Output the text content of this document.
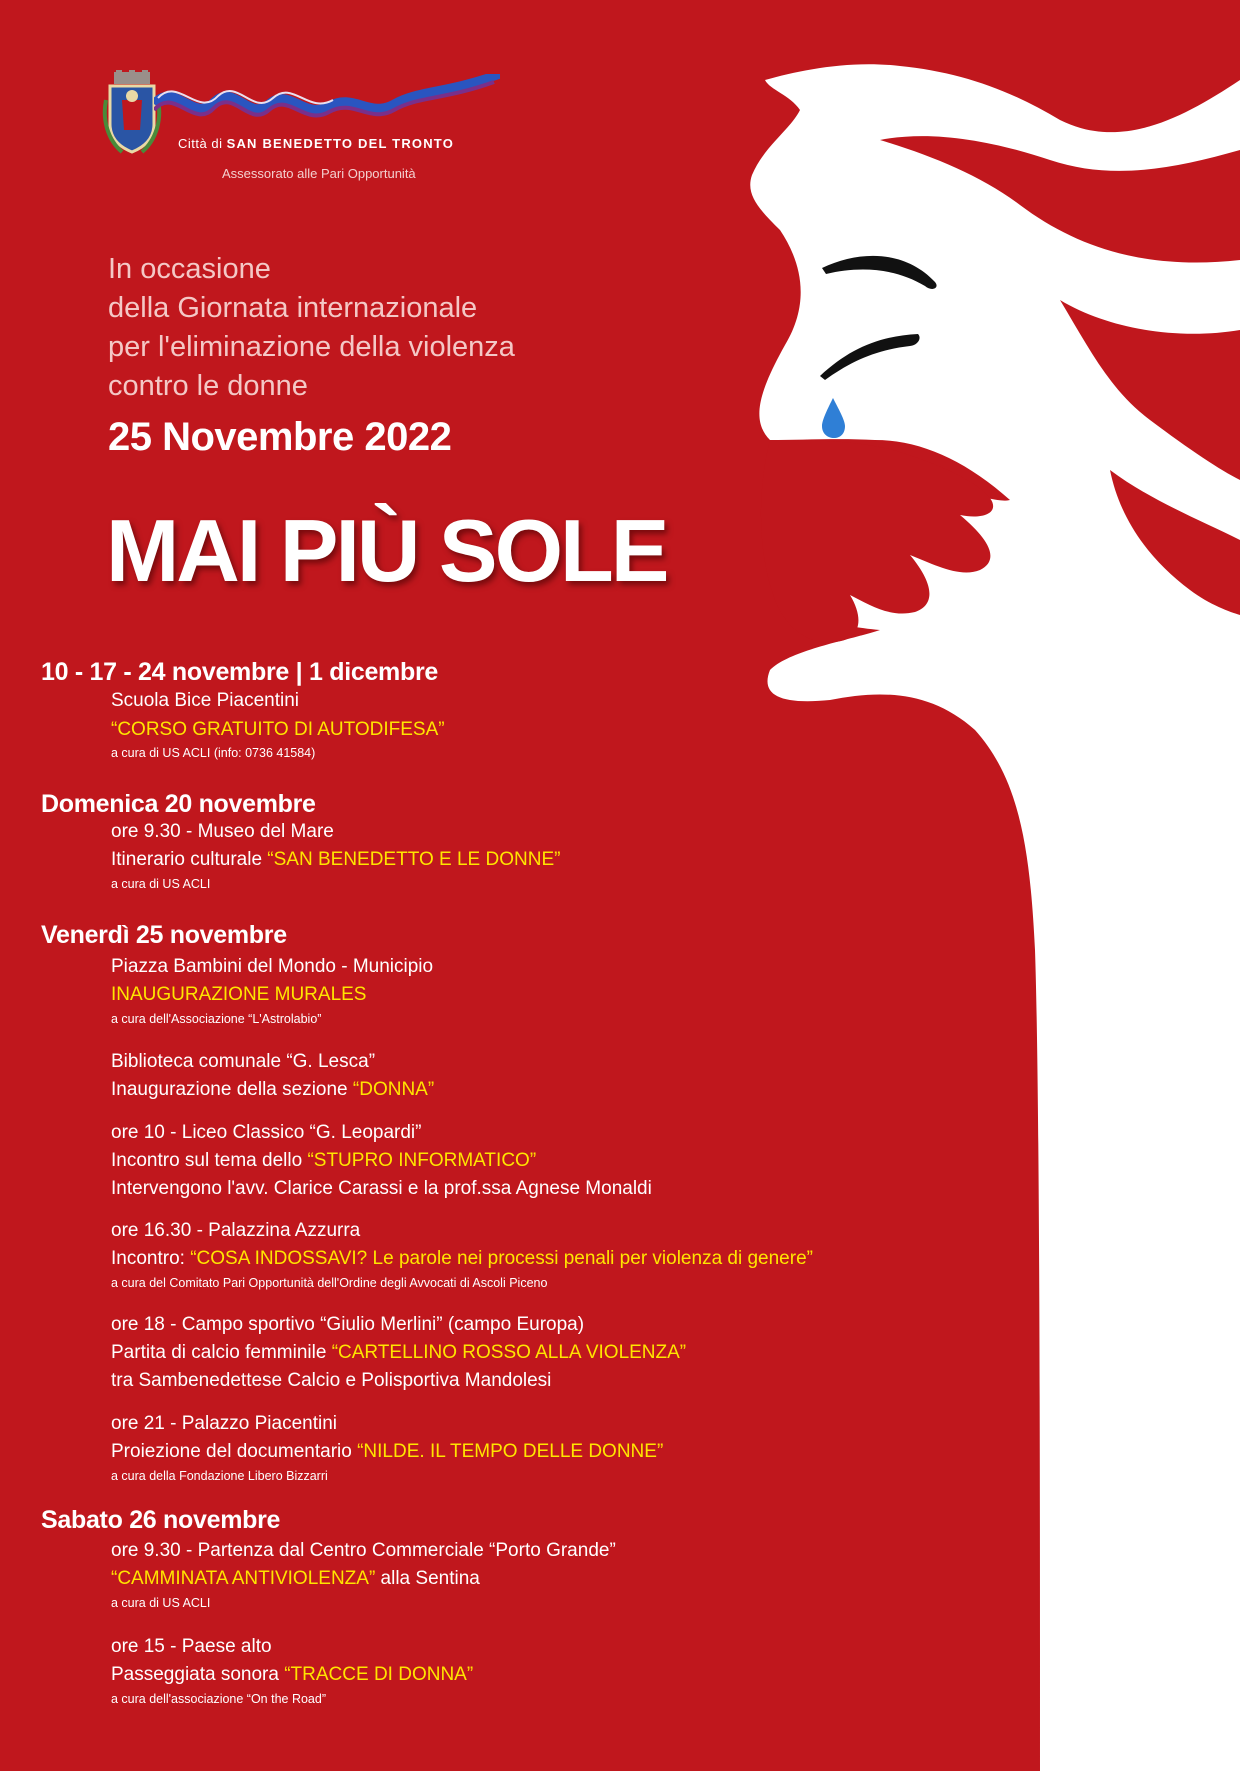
Città di SAN BENEDETTO DEL TRONTO
Assessorato alle Pari Opportunità
In occasione
della Giornata internazionale
per l'eliminazione della violenza
contro le donne
25 Novembre 2022
MAI PIÙ SOLE
10 - 17 - 24 novembre | 1 dicembre
Scuola Bice Piacentini
“CORSO GRATUITO DI AUTODIFESA”
a cura di US ACLI (info: 0736 41584)
Domenica 20 novembre
ore 9.30 - Museo del Mare
Itinerario culturale “SAN BENEDETTO E LE DONNE”
a cura di US ACLI
Venerdì 25 novembre
Piazza Bambini del Mondo - Municipio
INAUGURAZIONE MURALES
a cura dell'Associazione “L'Astrolabio”
Biblioteca comunale “G. Lesca”
Inaugurazione della sezione “DONNA”
ore 10 - Liceo Classico “G. Leopardi”
Incontro sul tema dello “STUPRO INFORMATICO”
Intervengono l'avv. Clarice Carassi e la prof.ssa Agnese Monaldi
ore 16.30 - Palazzina Azzurra
Incontro: “COSA INDOSSAVI? Le parole nei processi penali per violenza di genere”
a cura del Comitato Pari Opportunità dell'Ordine degli Avvocati di Ascoli Piceno
ore 18 - Campo sportivo “Giulio Merlini” (campo Europa)
Partita di calcio femminile “CARTELLINO ROSSO ALLA VIOLENZA”
tra Sambenedettese Calcio e Polisportiva Mandolesi
ore 21 - Palazzo Piacentini
Proiezione del documentario “NILDE. IL TEMPO DELLE DONNE”
a cura della Fondazione Libero Bizzarri
Sabato 26 novembre
ore 9.30 - Partenza dal Centro Commerciale “Porto Grande”
“CAMMINATA ANTIVIOLENZA” alla Sentina
a cura di US ACLI
ore 15 - Paese alto
Passeggiata sonora “TRACCE DI DONNA”
a cura dell'associazione “On the Road”
A cura del Servizio Rapporti con il cittadino e Comunicazione pubblica - Città di San Benedetto del Tronto | grafica Fabrizio Mariani
